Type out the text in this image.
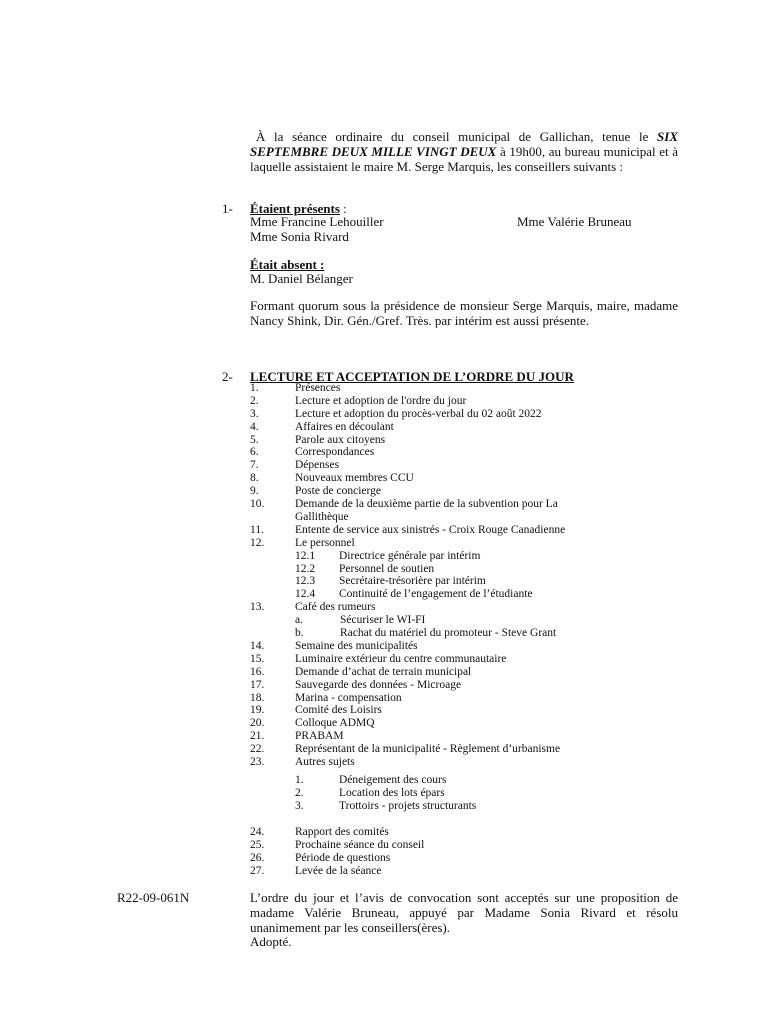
À la séance ordinaire du conseil municipal de Gallichan, tenue le SIX SEPTEMBRE DEUX MILLE VINGT DEUX à 19h00, au bureau municipal et à laquelle assistaient le maire M. Serge Marquis, les conseillers suivants :
1- Étaient présents :
Mme Francine Lehouiller	Mme Valérie Bruneau
Mme Sonia Rivard
Était absent :
M. Daniel Bélanger
Formant quorum sous la présidence de monsieur Serge Marquis, maire, madame Nancy Shink, Dir. Gén./Gref. Très. par intérim est aussi présente.
2- LECTURE ET ACCEPTATION DE L’ORDRE DU JOUR
1.	Présences
2.	Lecture et adoption de l'ordre du jour
3.	Lecture et adoption du procès-verbal du 02 août 2022
4.	Affaires en découlant
5.	Parole aux citoyens
6.	Correspondances
7.	Dépenses
8.	Nouveaux membres CCU
9.	Poste de concierge
10.	Demande de la deuxième partie de la subvention pour La
Gallithèque
11.	Entente de service aux sinistrés - Croix Rouge Canadienne
12.	Le personnel
12.1 Directrice générale par intérim
12.2 Personnel de soutien
12.3 Secrétaire-trésorière par intérim
12.4 Continuité de l’engagement de l’étudiante
13.	Café des rumeurs
a.	Sécuriser le WI-FI
b.	Rachat du matériel du promoteur - Steve Grant
14.	Semaine des municipalités
15.	Luminaire extérieur du centre communautaire
16.	Demande d’achat de terrain municipal
17.	Sauvegarde des données - Microage
18.	Marina - compensation
19.	Comité des Loisirs
20.	Colloque ADMQ
21.	PRABAM
22.	Représentant de la municipalité - Règlement d’urbanisme
23.	Autres sujets
1.	Déneigement des cours
2.	Location des lots épars
3.	Trottoirs - projets structurants
24.	Rapport des comités
25.	Prochaine séance du conseil
26.	Période de questions
27.	Levée de la séance
R22-09-061N	L’ordre du jour et l’avis de convocation sont acceptés sur une proposition de madame Valérie Bruneau, appuyé par Madame Sonia Rivard et résolu unanimement par les conseillers(ères).
Adopté.
